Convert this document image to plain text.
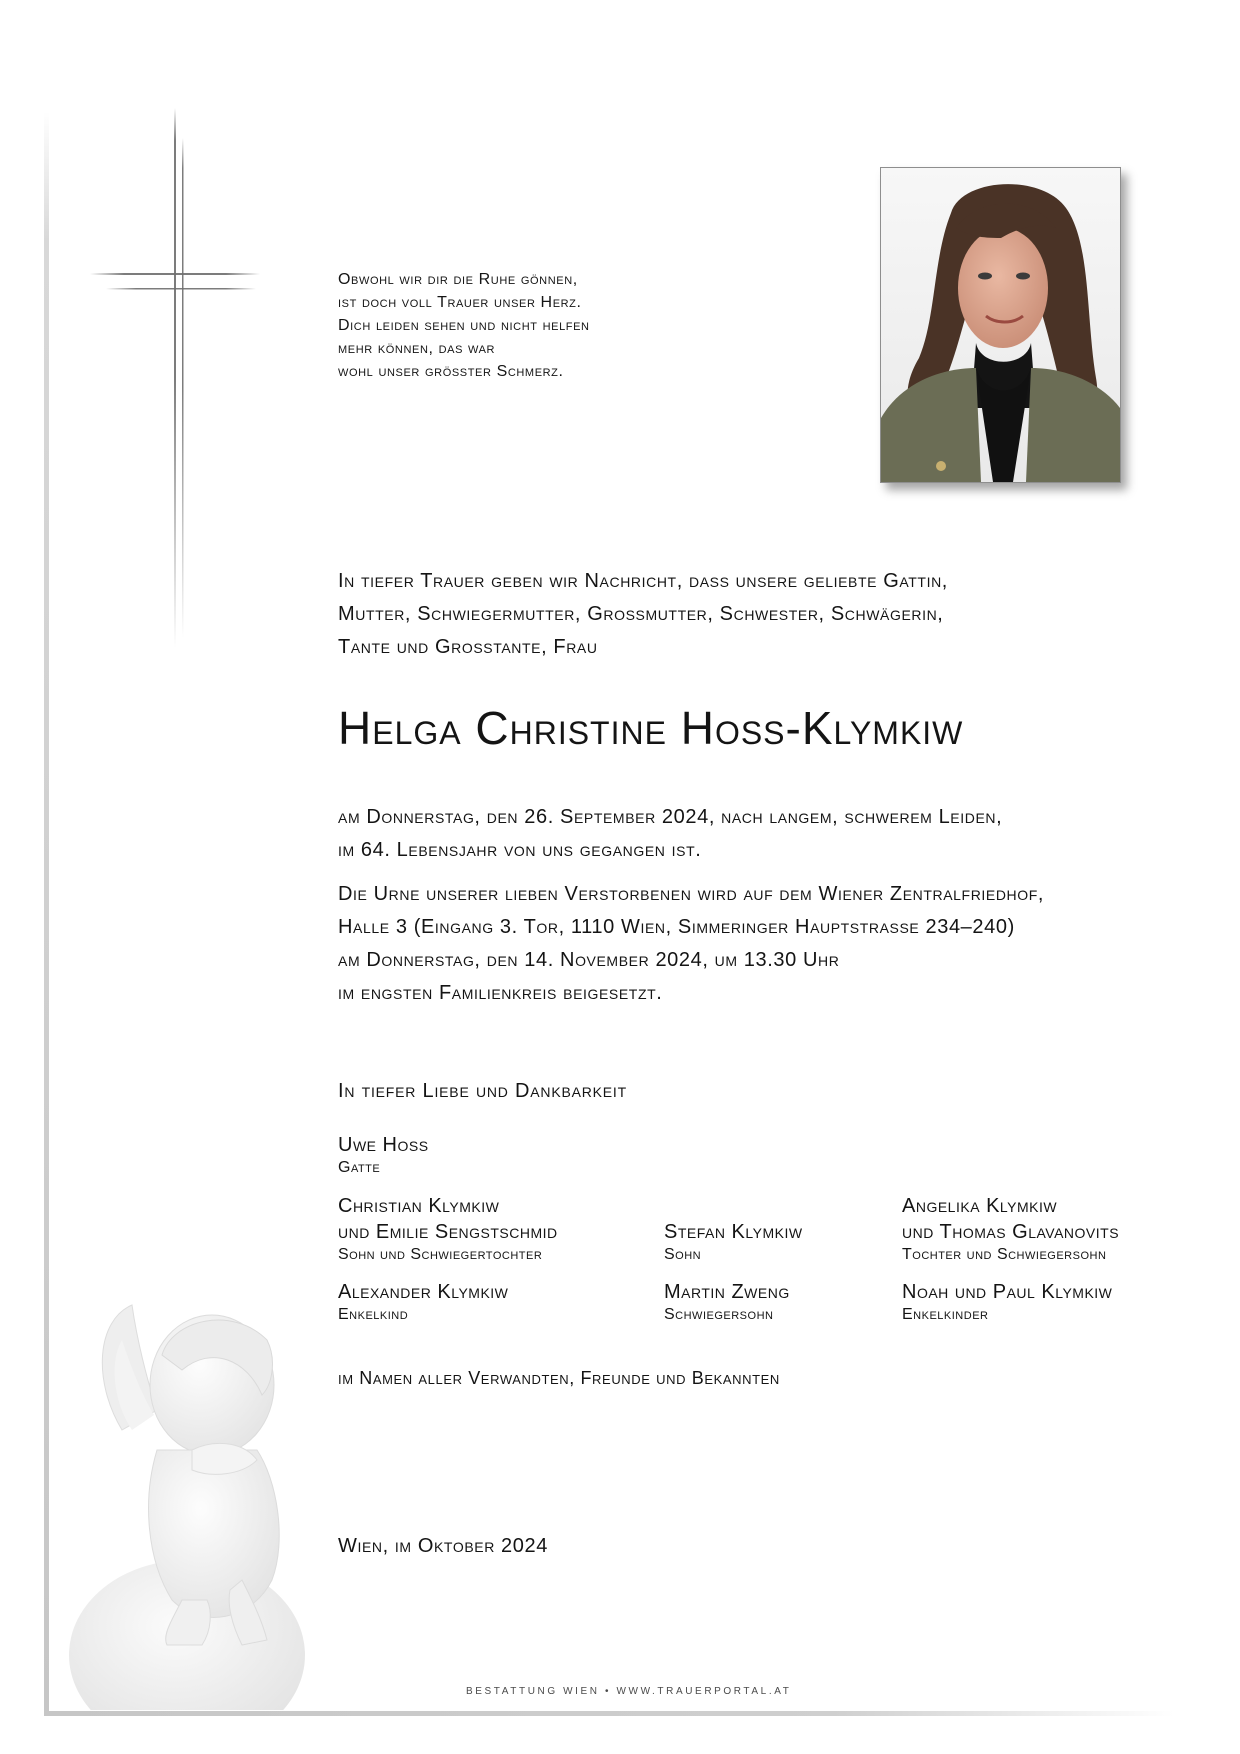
Obwohl wir dir die Ruhe gönnen,
ist doch voll Trauer unser Herz.
Dich leiden sehen und nicht helfen
mehr können, das war
wohl unser grösster Schmerz.
In tiefer Trauer geben wir Nachricht, dass unsere geliebte Gattin,
Mutter, Schwiegermutter, Grossmutter, Schwester, Schwägerin,
Tante und Grosstante, Frau
Helga Christine Hoss-Klymkiw
am Donnerstag, den 26. September 2024, nach langem, schwerem Leiden,
im 64. Lebensjahr von uns gegangen ist.
Die Urne unserer lieben Verstorbenen wird auf dem Wiener Zentralfriedhof,
Halle 3 (Eingang 3. Tor, 1110 Wien, Simmeringer Hauptstrasse 234–240)
am Donnerstag, den 14. November 2024, um 13.30 Uhr
im engsten Familienkreis beigesetzt.
In tiefer Liebe und Dankbarkeit
Uwe Hoss
Gatte
Christian Klymkiw
und Emilie Sengstschmid
Sohn und Schwiegertochter
Stefan Klymkiw
Sohn
Angelika Klymkiw
und Thomas Glavanovits
Tochter und Schwiegersohn
Alexander Klymkiw
Enkelkind
Martin Zweng
Schwiegersohn
Noah und Paul Klymkiw
Enkelkinder
im Namen aller Verwandten, Freunde und Bekannten
Wien, im Oktober 2024
BESTATTUNG WIEN • WWW.TRAUERPORTAL.AT
